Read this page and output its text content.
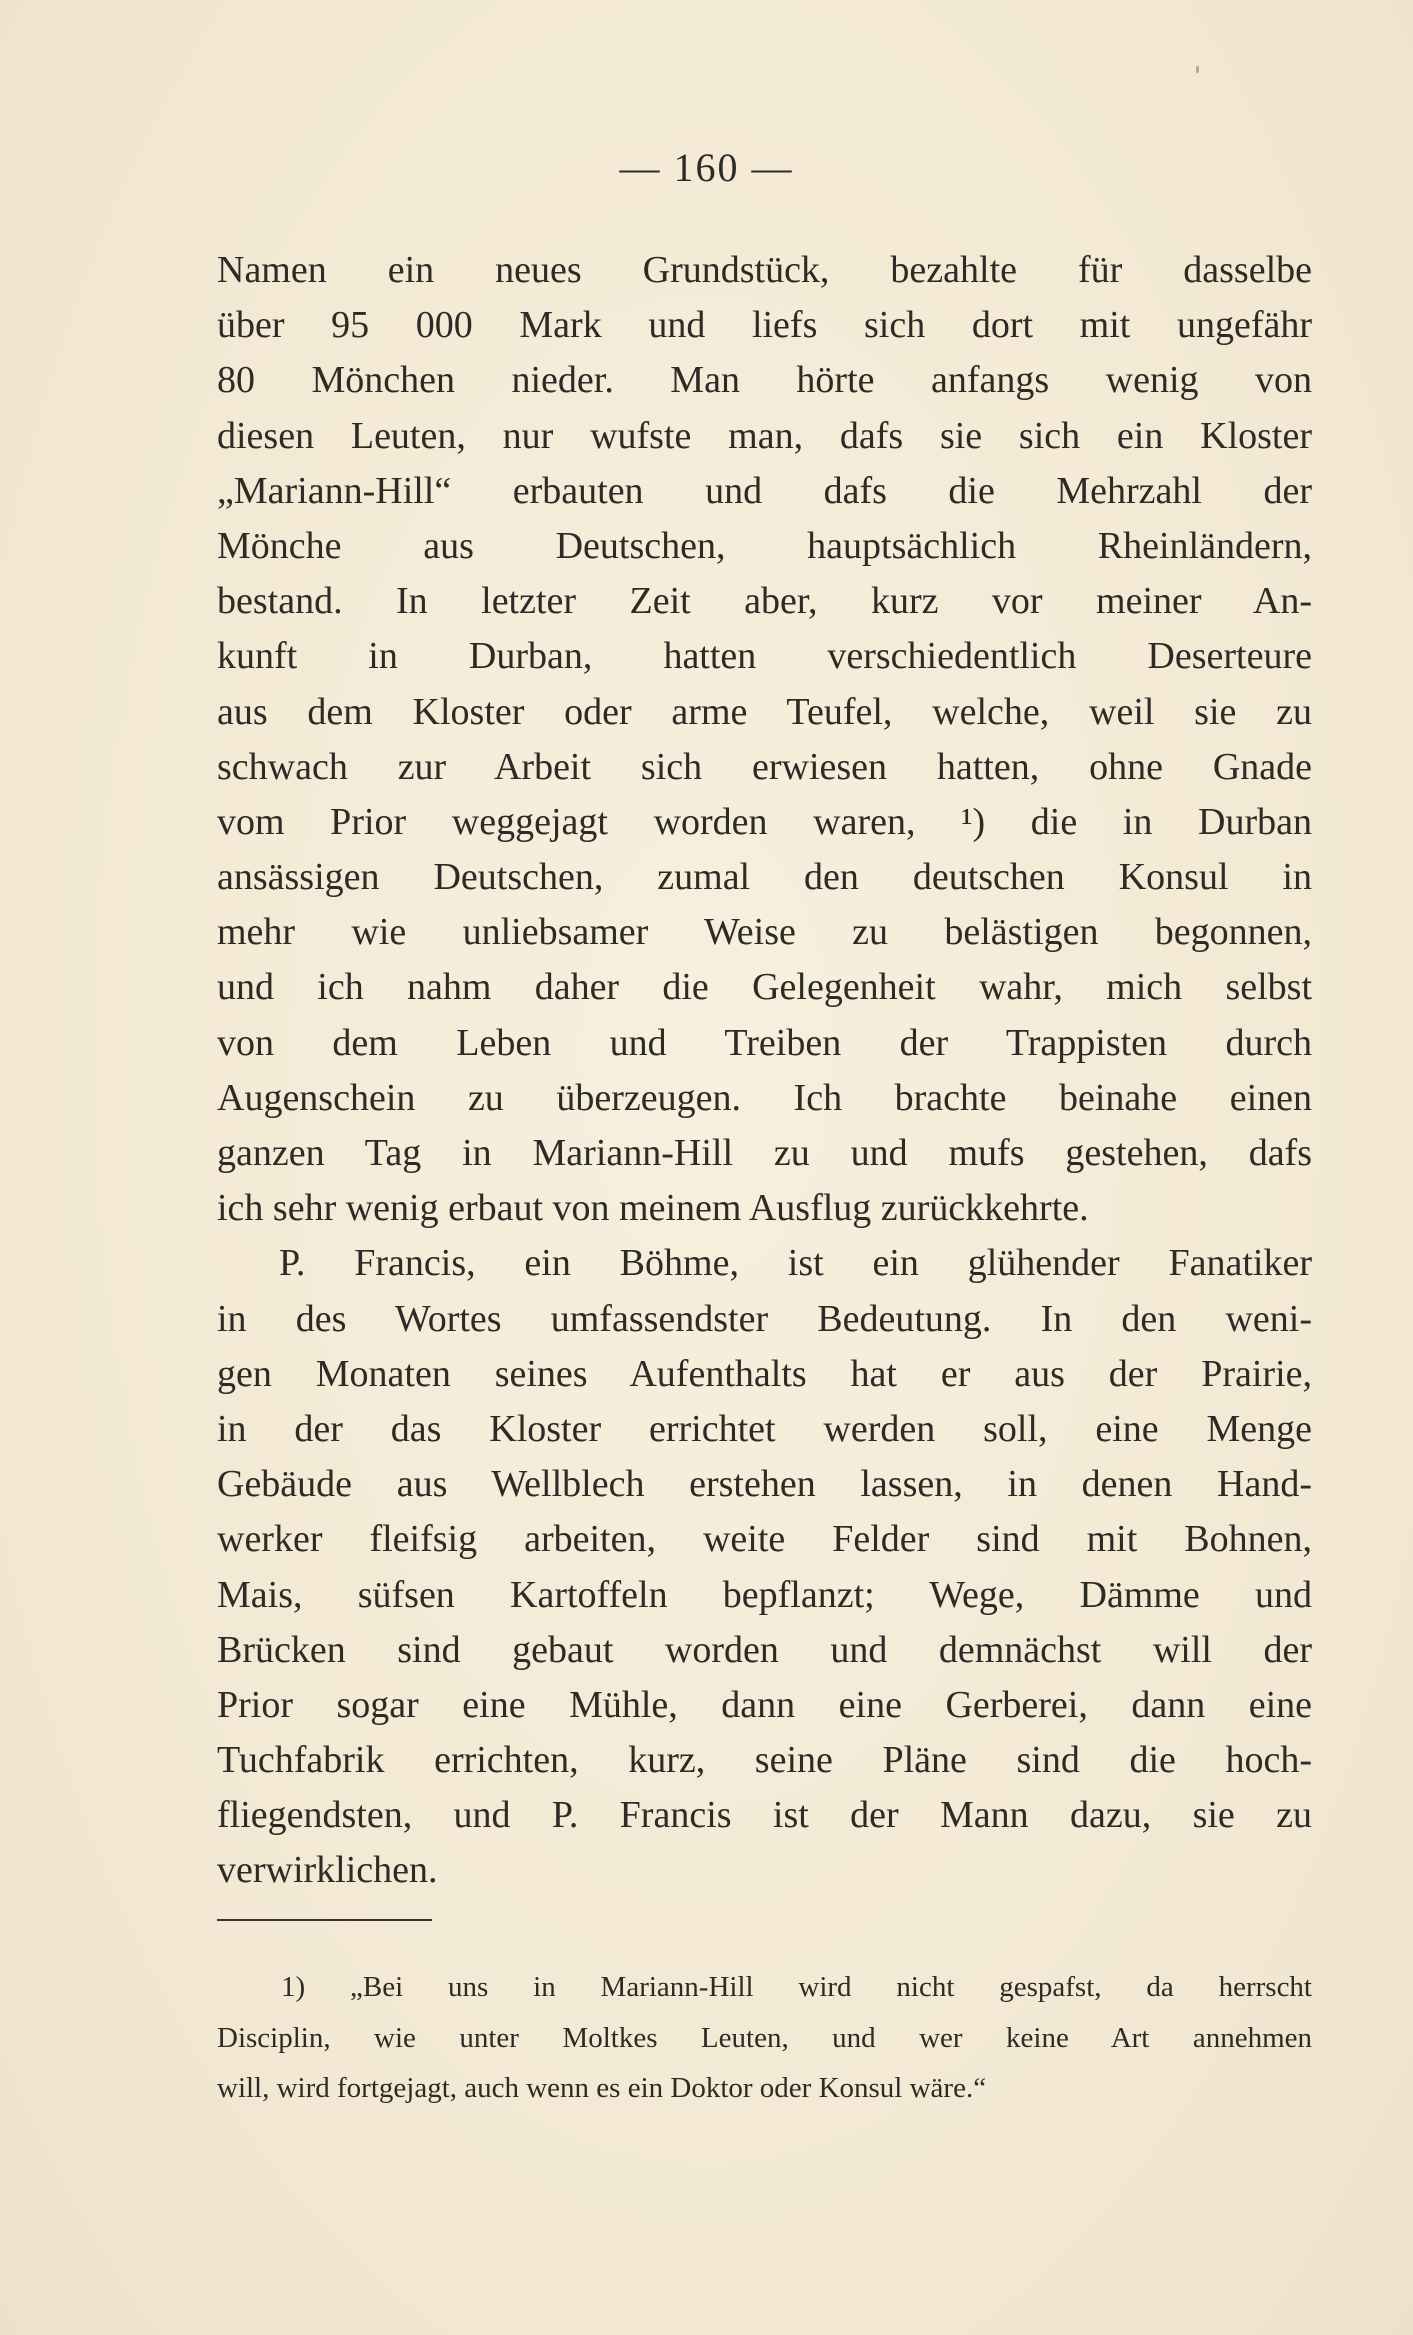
— 160 —
Namen ein neues Grundstück, bezahlte für dasselbe
über 95 000 Mark und liefs sich dort mit ungefähr
80 Mönchen nieder. Man hörte anfangs wenig von
diesen Leuten, nur wufste man, dafs sie sich ein Kloster
„Mariann-Hill“ erbauten und dafs die Mehrzahl der
Mönche aus Deutschen, hauptsächlich Rheinländern,
bestand. In letzter Zeit aber, kurz vor meiner An-
kunft in Durban, hatten verschiedentlich Deserteure
aus dem Kloster oder arme Teufel, welche, weil sie zu
schwach zur Arbeit sich erwiesen hatten, ohne Gnade
vom Prior weggejagt worden waren, ¹) die in Durban
ansässigen Deutschen, zumal den deutschen Konsul in
mehr wie unliebsamer Weise zu belästigen begonnen,
und ich nahm daher die Gelegenheit wahr, mich selbst
von dem Leben und Treiben der Trappisten durch
Augenschein zu überzeugen. Ich brachte beinahe einen
ganzen Tag in Mariann-Hill zu und mufs gestehen, dafs
ich sehr wenig erbaut von meinem Ausflug zurückkehrte.
P. Francis, ein Böhme, ist ein glühender Fanatiker
in des Wortes umfassendster Bedeutung. In den weni-
gen Monaten seines Aufenthalts hat er aus der Prairie,
in der das Kloster errichtet werden soll, eine Menge
Gebäude aus Wellblech erstehen lassen, in denen Hand-
werker fleifsig arbeiten, weite Felder sind mit Bohnen,
Mais, süfsen Kartoffeln bepflanzt; Wege, Dämme und
Brücken sind gebaut worden und demnächst will der
Prior sogar eine Mühle, dann eine Gerberei, dann eine
Tuchfabrik errichten, kurz, seine Pläne sind die hoch-
fliegendsten, und P. Francis ist der Mann dazu, sie zu
verwirklichen.
1) „Bei uns in Mariann-Hill wird nicht gespafst, da herrscht
Disciplin, wie unter Moltkes Leuten, und wer keine Art annehmen
will, wird fortgejagt, auch wenn es ein Doktor oder Konsul wäre.“
